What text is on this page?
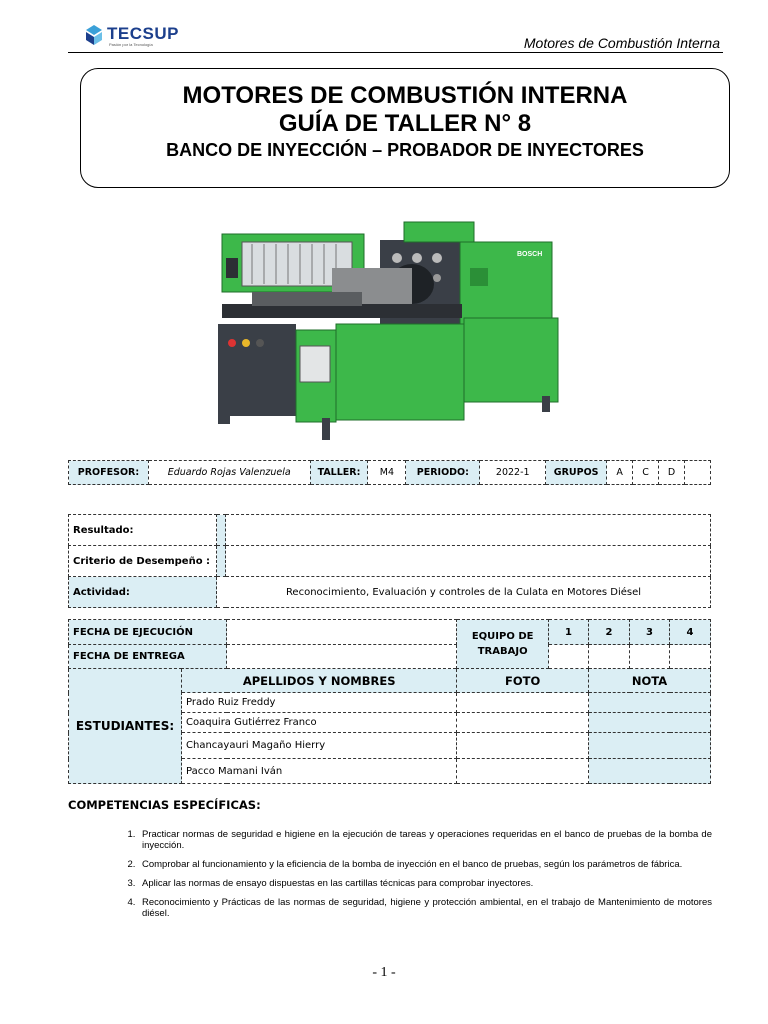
TECSUP
Pasión por la Tecnología	Motores de Combustión Interna
MOTORES DE COMBUSTIÓN INTERNA
GUÍA DE TALLER N° 8
BANCO DE INYECCIÓN – PROBADOR DE INYECTORES
BOSCH
PROFESOR:	Eduardo Rojas Valenzuela	TALLER:	M4	PERIODO:	2022-1	GRUPOS	A	C	D	
Resultado:		
Criterio de Desempeño :		
Actividad:	Reconocimiento, Evaluación y controles de la Culata en Motores Diésel	
FECHA DE EJECUCIÓN			EQUIPO DE TRABAJO	1	2	3	4
FECHA DE ENTREGA							
ESTUDIANTES:	APELLIDOS Y NOMBRES		FOTO		NOTA		
	Prado Ruiz Freddy						
	Coaquira Gutiérrez Franco						
	Chancayauri Magaño Hierry						
	Pacco Mamani Iván						
COMPETENCIAS ESPECÍFICAS:
1. Practicar normas de seguridad e higiene en la ejecución de tareas y operaciones requeridas en el banco de pruebas de la bomba de inyección.
2. Comprobar al funcionamiento y la eficiencia de la bomba de inyección en el banco de pruebas, según los parámetros de fábrica.
3. Aplicar las normas de ensayo dispuestas en las cartillas técnicas para comprobar inyectores.
4. Reconocimiento y Prácticas de las normas de seguridad, higiene y protección ambiental, en el trabajo de Mantenimiento de motores diésel.
- 1 -
